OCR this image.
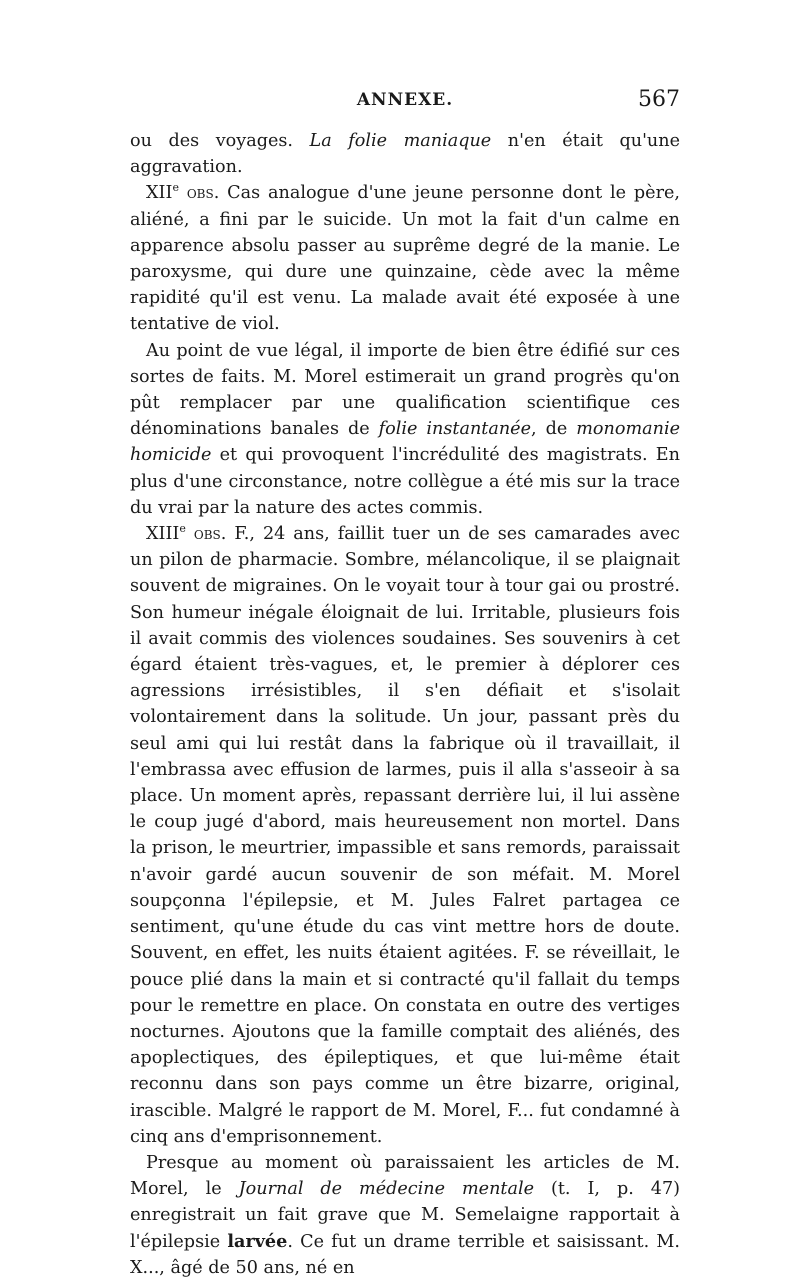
ANNEXE.	567

ou des voyages. La folie maniaque n'en était qu'une aggravation.

XIIe obs. Cas analogue d'une jeune personne dont le père, aliéné, a fini par le suicide. Un mot la fait d'un calme en apparence absolu passer au suprême degré de la manie. Le paroxysme, qui dure une quinzaine, cède avec la même rapidité qu'il est venu. La malade avait été exposée à une tentative de viol.

Au point de vue légal, il importe de bien être édifié sur ces sortes de faits. M. Morel estimerait un grand progrès qu'on pût remplacer par une qualification scientifique ces dénominations banales de folie instantanée, de monomanie homicide et qui provoquent l'incrédulité des magistrats. En plus d'une circonstance, notre collègue a été mis sur la trace du vrai par la nature des actes commis.

XIIIe obs. F., 24 ans, faillit tuer un de ses camarades avec un pilon de pharmacie. Sombre, mélancolique, il se plaignait souvent de migraines. On le voyait tour à tour gai ou prostré. Son humeur inégale éloignait de lui. Irritable, plusieurs fois il avait commis des violences soudaines. Ses souvenirs à cet égard étaient très-vagues, et, le premier à déplorer ces agressions irrésistibles, il s'en défiait et s'isolait volontairement dans la solitude. Un jour, passant près du seul ami qui lui restât dans la fabrique où il travaillait, il l'embrassa avec effusion de larmes, puis il alla s'asseoir à sa place. Un moment après, repassant derrière lui, il lui assène le coup jugé d'abord, mais heureusement non mortel. Dans la prison, le meurtrier, impassible et sans remords, paraissait n'avoir gardé aucun souvenir de son méfait. M. Morel soupçonna l'épilepsie, et M. Jules Falret partagea ce sentiment, qu'une étude du cas vint mettre hors de doute. Souvent, en effet, les nuits étaient agitées. F. se réveillait, le pouce plié dans la main et si contracté qu'il fallait du temps pour le remettre en place. On constata en outre des vertiges nocturnes. Ajoutons que la famille comptait des aliénés, des apoplectiques, des épileptiques, et que lui-même était reconnu dans son pays comme un être bizarre, original, irascible. Malgré le rapport de M. Morel, F... fut condamné à cinq ans d'emprisonnement.

Presque au moment où paraissaient les articles de M. Morel, le Journal de médecine mentale (t. I, p. 47) enregistrait un fait grave que M. Semelaigne rapportait à l'épilepsie larvée. Ce fut un drame terrible et saisissant. M. X..., âgé de 50 ans, né en
